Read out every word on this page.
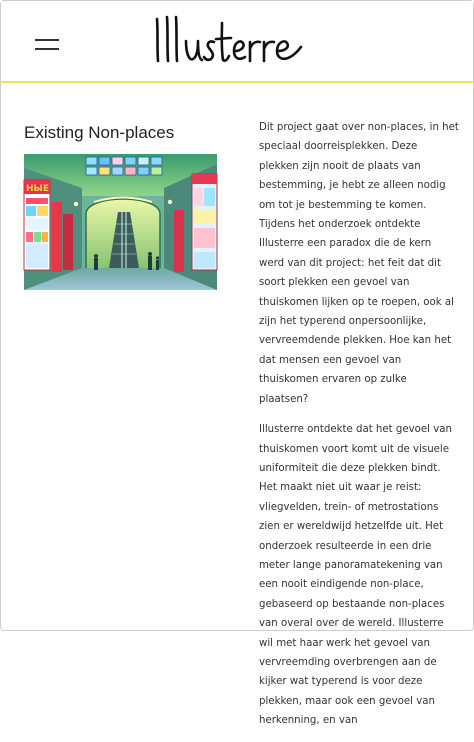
Existing Non-places
НЫЕ

Dit project gaat over non-places, in het speciaal doorreisplekken. Deze plekken zijn nooit de plaats van bestemming, je hebt ze alleen nodig om tot je bestemming te komen. Tijdens het onderzoek ontdekte Illusterre een paradox die de kern werd van dit project: het feit dat dit soort plekken een gevoel van thuiskomen lijken op te roepen, ook al zijn het typerend onpersoonlijke, vervreemdende plekken. Hoe kan het dat mensen een gevoel van thuiskomen ervaren op zulke plaatsen?

Illusterre ontdekte dat het gevoel van thuiskomen voort komt uit de visuele uniformiteit die deze plekken bindt. Het maakt niet uit waar je reist: vliegvelden, trein- of metrostations zien er wereldwijd hetzelfde uit. Het onderzoek resulteerde in een drie meter lange panoramatekening van een nooit eindigende non-place, gebaseerd op bestaande non-places van overal over de wereld. Illusterre wil met haar werk het gevoel van vervreemding overbrengen aan de kijker wat typerend is voor deze plekken, maar ook een gevoel van herkenning, en van
